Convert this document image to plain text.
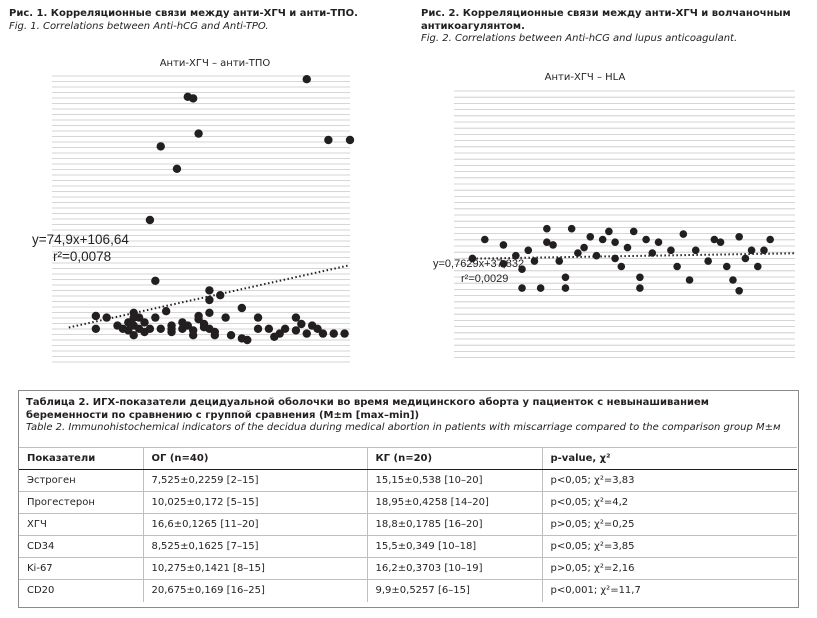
Рис. 1. Корреляционные связи между анти-ХГЧ и анти-ТПО.
Fig. 1. Correlations between Anti-hCG and Anti-TPO.
Рис. 2. Корреляционные связи между анти-ХГЧ и волчаночным антикоагулянтом.
Fig. 2. Correlations between Anti-hCG and lupus anticoagulant.
Анти-ХГЧ – анти-ТПО
Анти-ХГЧ – HLA
y=74,9x+106,64
r²=0,0078	y=0,7629x+37,832
r²=0,0029
Таблица 2. ИГХ-показатели децидуальной оболочки во время медицинского аборта у пациенток с невынашиванием беременности по сравнению с группой сравнения (M±m [max–min])
Table 2. Immunohistochemical indicators of the decidua during medical abortion in patients with miscarriage compared to the comparison group M±м
Показатели	ОГ (n=40)	КГ (n=20)	p-value, χ²
Эстроген	7,525±0,2259 [2–15]	15,15±0,538 [10–20]	p<0,05; χ²=3,83
Прогестерон	10,025±0,172 [5–15]	18,95±0,4258 [14–20]	p<0,05; χ²=4,2
ХГЧ	16,6±0,1265 [11–20]	18,8±0,1785 [16–20]	p>0,05; χ²=0,25
CD34	8,525±0,1625 [7–15]	15,5±0,349 [10–18]	p<0,05; χ²=3,85
Ki-67	10,275±0,1421 [8–15]	16,2±0,3703 [10–19]	p>0,05; χ²=2,16
CD20	20,675±0,169 [16–25]	9,9±0,5257 [6–15]	p<0,001; χ²=11,7
